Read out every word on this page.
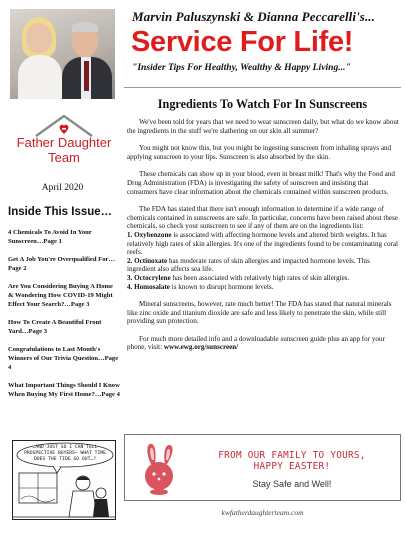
Marvin Paluszynski & Dianna Peccarelli's...
Service For Life!
"Insider Tips For Healthy, Wealthy & Happy Living..."
Father Daughter
Team
April 2020
Inside This Issue…
4 Chemicals To Avoid In Your Sunscreen…Page 1
Get A Job You're Overqualified For…Page 2
Are You Considering Buying A Home & Wondering How COVID-19 Might Effect Your Search?…Page 3
How To Create A Beautiful Front Yard…Page 3
Congratulations to Last Month's Winners of Our Trivia Question…Page 4
What Important Things Should I Know When Buying My First Home?…Page 4
…AND JUST SO I CAN TELL PROSPECTIVE BUYERS— WHAT TIME DOES THE TIDE GO OUT…?
Ingredients To Watch For In Sunscreens

We've been told for years that we need to wear sunscreen daily, but what do we know about the ingredients in the stuff we're slathering on our skin all summer?

You might not know this, but you might be ingesting sunscreen from inhaling sprays and applying sunscreen to your lips. Sunscreen is also absorbed by the skin.

These chemicals can show up in your blood, even in breast milk! That's why the Food and Drug Administration (FDA) is investigating the safety of sunscreen and insisting that consumers have clear information about the chemicals contained within sunscreen products.

The FDA has stated that there isn't enough information to determine if a wide range of chemicals contained in sunscreens are safe. In particular, concerns have been raised about these chemicals, so check your sunscreen to see if any of them are on the ingredients list:

1. Oxybenzone is associated with affecting hormone levels and altered birth weights. It has relatively high rates of skin allergies. It's one of the ingredients found to be contaminating coral reefs.

2. Octinoxate has moderate rates of skin allergies and impacted hormone levels. This ingredient also affects sea life.

3. Octocrylene has been associated with relatively high rates of skin allergies.

4. Homosalate is known to disrupt hormone levels.

Mineral sunscreens, however, rate much better! The FDA has stated that natural minerals like zinc oxide and titanium dioxide are safe and less likely to penetrate the skin, while still providing sun protection.

For much more detailed info and a downloadable sunscreen guide plus an app for your phone, visit: www.ewg.org/sunscreen/

FROM OUR FAMILY TO YOURS,
HAPPY EASTER!
Stay Safe and Well!
kwfatherdaughterteam.com
